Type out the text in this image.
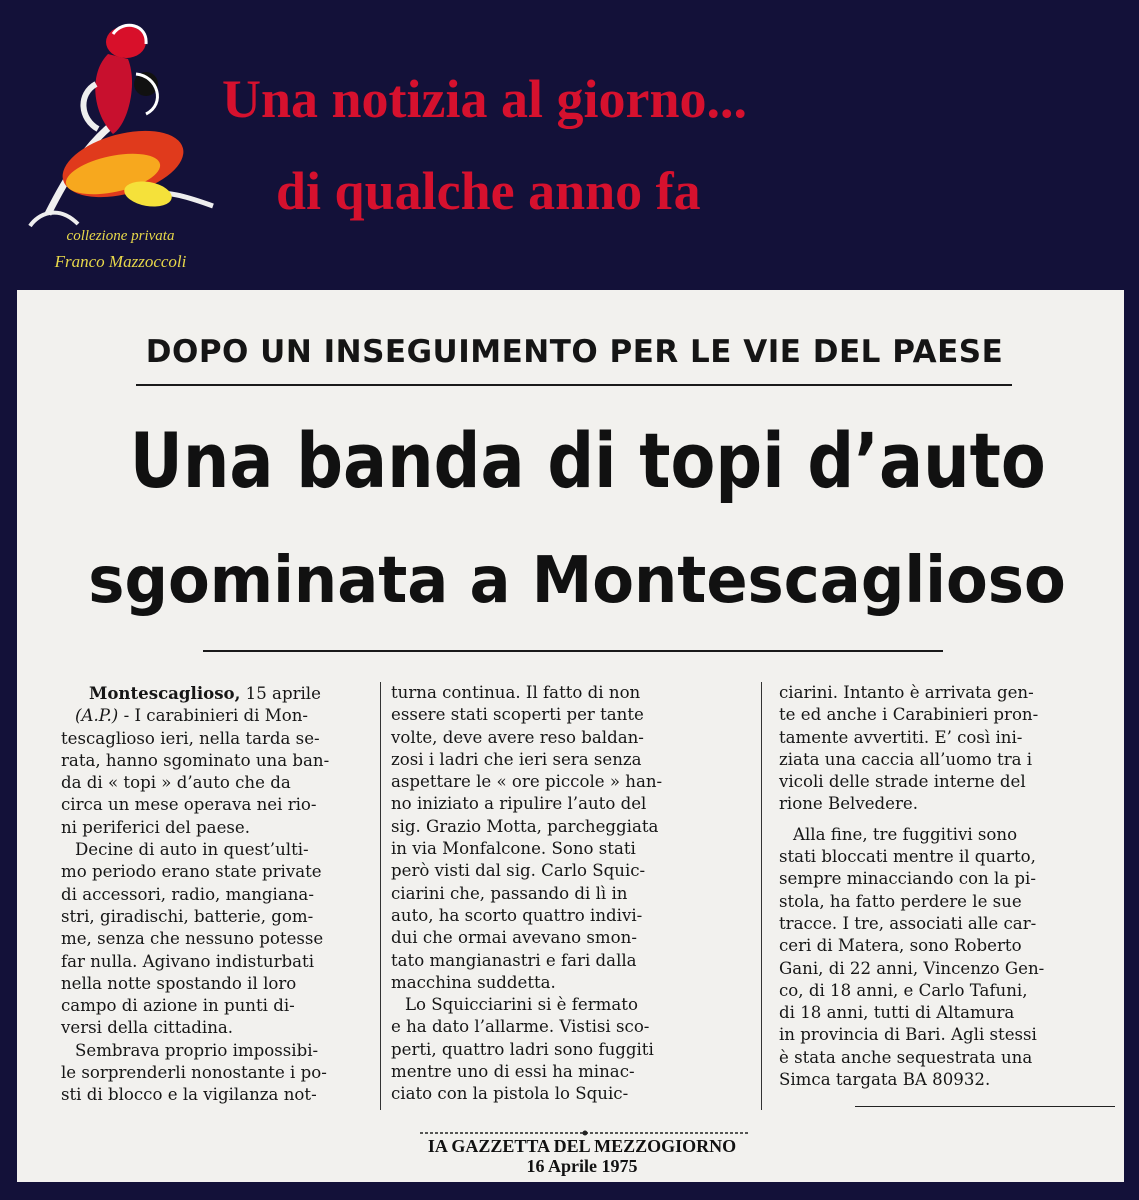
collezione privata
Franco Mazzoccoli
Una notizia al giorno...
di qualche anno fa
DOPO UN INSEGUIMENTO PER LE VIE DEL PAESE
Una banda di topi d’auto
sgominata a Montescaglioso
Montescaglioso, 15 aprile
(A.P.) - I carabinieri di Mon-
tescaglioso ieri, nella tarda se-
rata, hanno sgominato una ban-
da di « topi » d’auto che da
circa un mese operava nei rio-
ni periferici del paese.
Decine di auto in quest’ulti-
mo periodo erano state private
di accessori, radio, mangiana-
stri, giradischi, batterie, gom-
me, senza che nessuno potesse
far nulla. Agivano indisturbati
nella notte spostando il loro
campo di azione in punti di-
versi della cittadina.
Sembrava proprio impossibi-
le sorprenderli nonostante i po-
sti di blocco e la vigilanza not-
turna continua. Il fatto di non
essere stati scoperti per tante
volte, deve avere reso baldan-
zosi i ladri che ieri sera senza
aspettare le « ore piccole » han-
no iniziato a ripulire l’auto del
sig. Grazio Motta, parcheggiata
in via Monfalcone. Sono stati
però visti dal sig. Carlo Squic-
ciarini che, passando di lì in
auto, ha scorto quattro indivi-
dui che ormai avevano smon-
tato mangianastri e fari dalla
macchina suddetta.
Lo Squicciarini si è fermato
e ha dato l’allarme. Vistisi sco-
perti, quattro ladri sono fuggiti
mentre uno di essi ha minac-
ciato con la pistola lo Squic-
ciarini. Intanto è arrivata gen-
te ed anche i Carabinieri pron-
tamente avvertiti. E’ così ini-
ziata una caccia all’uomo tra i
vicoli delle strade interne del
rione Belvedere.
Alla fine, tre fuggitivi sono
stati bloccati mentre il quarto,
sempre minacciando con la pi-
stola, ha fatto perdere le sue
tracce. I tre, associati alle car-
ceri di Matera, sono Roberto
Gani, di 22 anni, Vincenzo Gen-
co, di 18 anni, e Carlo Tafuni,
di 18 anni, tutti di Altamura
in provincia di Bari. Agli stessi
è stata anche sequestrata una
Simca targata BA 80932.
IA GAZZETTA DEL MEZZOGIORNO
16 Aprile 1975
